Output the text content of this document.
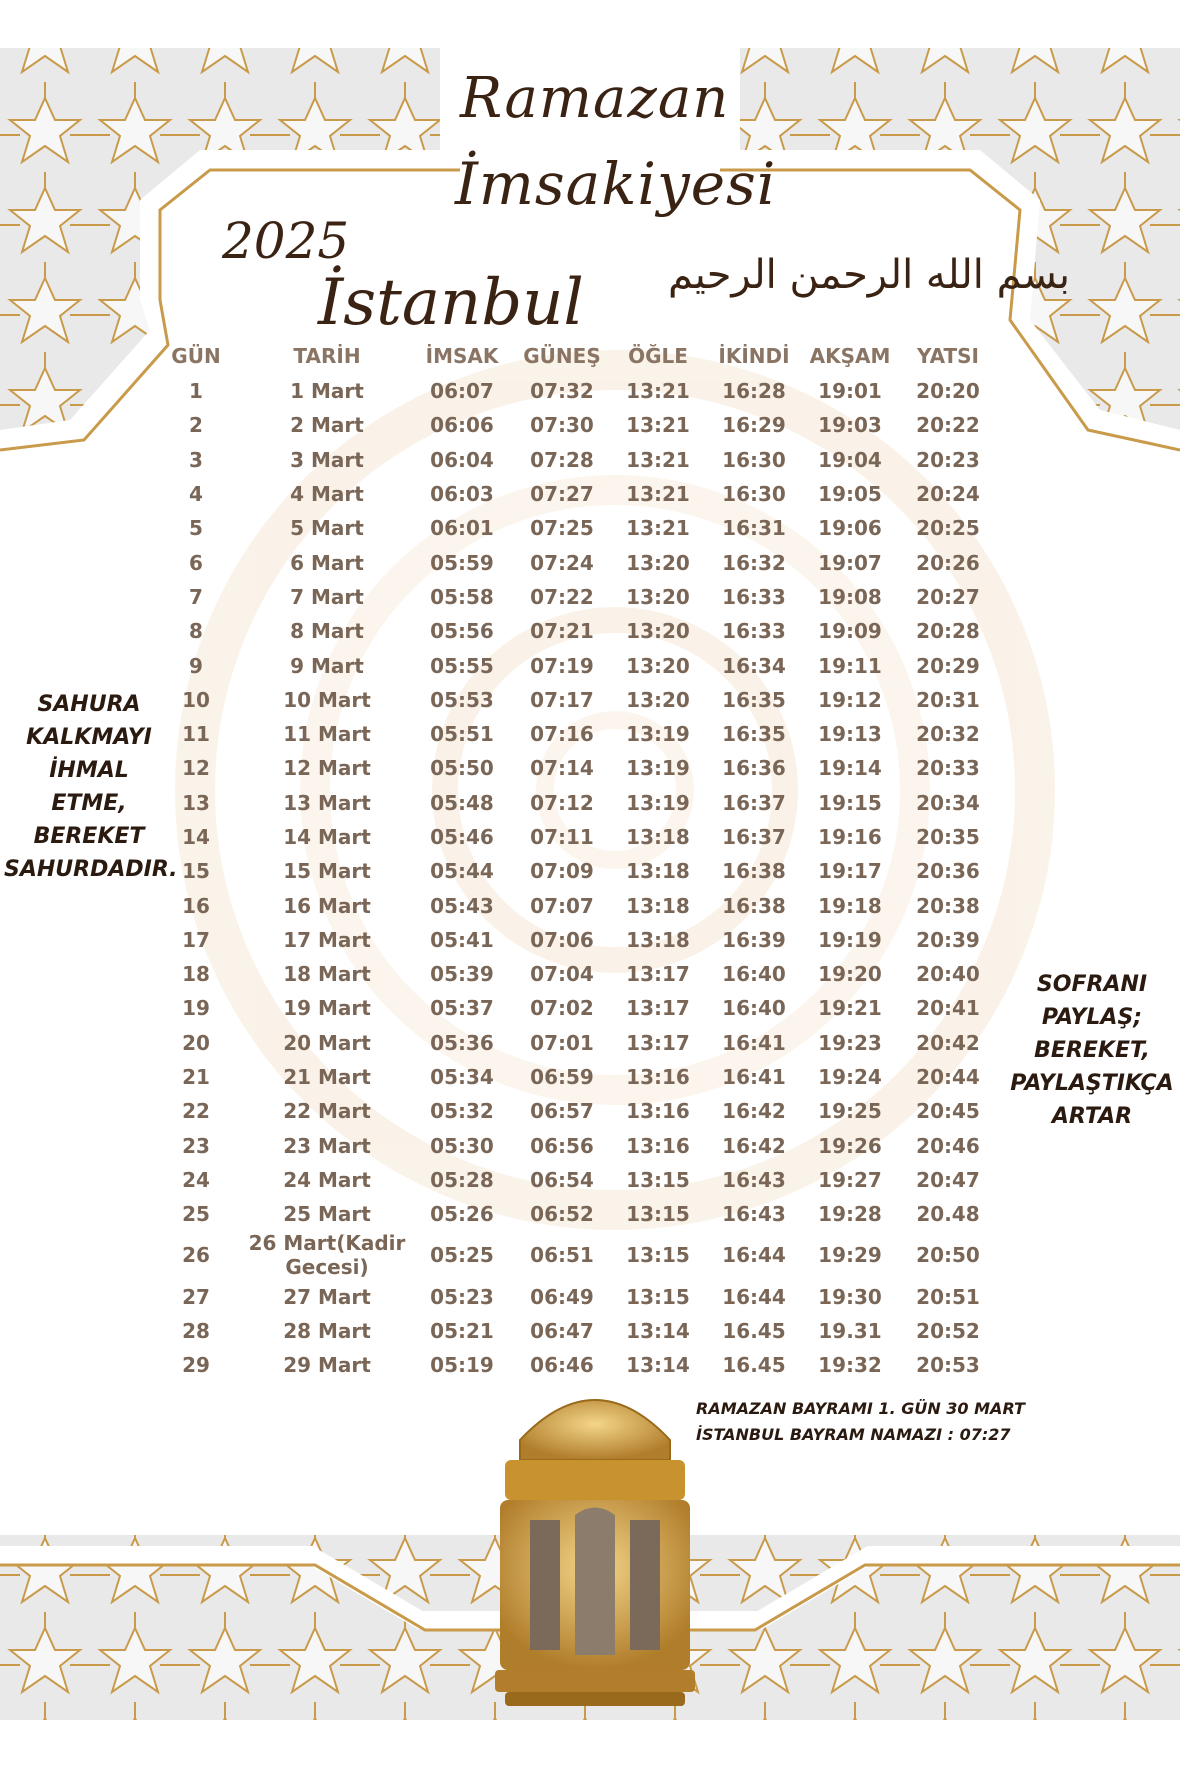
Ramazan
İmsakiyesi
2025
İstanbul بسم الله الرحمن الرحيم
GÜN	TARİH	İMSAK	GÜNEŞ	ÖĞLE	İKİNDİ	AKŞAM	YATSI
1	1 Mart	06:07	07:32	13:21	16:28	19:01	20:20
2	2 Mart	06:06	07:30	13:21	16:29	19:03	20:22
3	3 Mart	06:04	07:28	13:21	16:30	19:04	20:23
4	4 Mart	06:03	07:27	13:21	16:30	19:05	20:24
5	5 Mart	06:01	07:25	13:21	16:31	19:06	20:25
6	6 Mart	05:59	07:24	13:20	16:32	19:07	20:26
7	7 Mart	05:58	07:22	13:20	16:33	19:08	20:27
8	8 Mart	05:56	07:21	13:20	16:33	19:09	20:28
9	9 Mart	05:55	07:19	13:20	16:34	19:11	20:29
10	10 Mart	05:53	07:17	13:20	16:35	19:12	20:31
11	11 Mart	05:51	07:16	13:19	16:35	19:13	20:32
12	12 Mart	05:50	07:14	13:19	16:36	19:14	20:33
13	13 Mart	05:48	07:12	13:19	16:37	19:15	20:34
14	14 Mart	05:46	07:11	13:18	16:37	19:16	20:35
15	15 Mart	05:44	07:09	13:18	16:38	19:17	20:36
16	16 Mart	05:43	07:07	13:18	16:38	19:18	20:38
17	17 Mart	05:41	07:06	13:18	16:39	19:19	20:39
18	18 Mart	05:39	07:04	13:17	16:40	19:20	20:40
19	19 Mart	05:37	07:02	13:17	16:40	19:21	20:41
20	20 Mart	05:36	07:01	13:17	16:41	19:23	20:42
21	21 Mart	05:34	06:59	13:16	16:41	19:24	20:44
22	22 Mart	05:32	06:57	13:16	16:42	19:25	20:45
23	23 Mart	05:30	06:56	13:16	16:42	19:26	20:46
24	24 Mart	05:28	06:54	13:15	16:43	19:27	20:47
25	25 Mart	05:26	06:52	13:15	16:43	19:28	20.48
26	26 Mart(Kadir Gecesi)	05:25	06:51	13:15	16:44	19:29	20:50
27	27 Mart	05:23	06:49	13:15	16:44	19:30	20:51
28	28 Mart	05:21	06:47	13:14	16.45	19.31	20:52
29	29 Mart	05:19	06:46	13:14	16.45	19:32	20:53
SAHURA
KALKMAYI
İHMAL
ETME,
BEREKET
SAHURDADIR.
SOFRANI
PAYLAŞ;
BEREKET,
PAYLAŞTIKÇA
ARTAR
RAMAZAN BAYRAMI 1. GÜN 30 MART
İSTANBUL BAYRAM NAMAZI : 07:27
